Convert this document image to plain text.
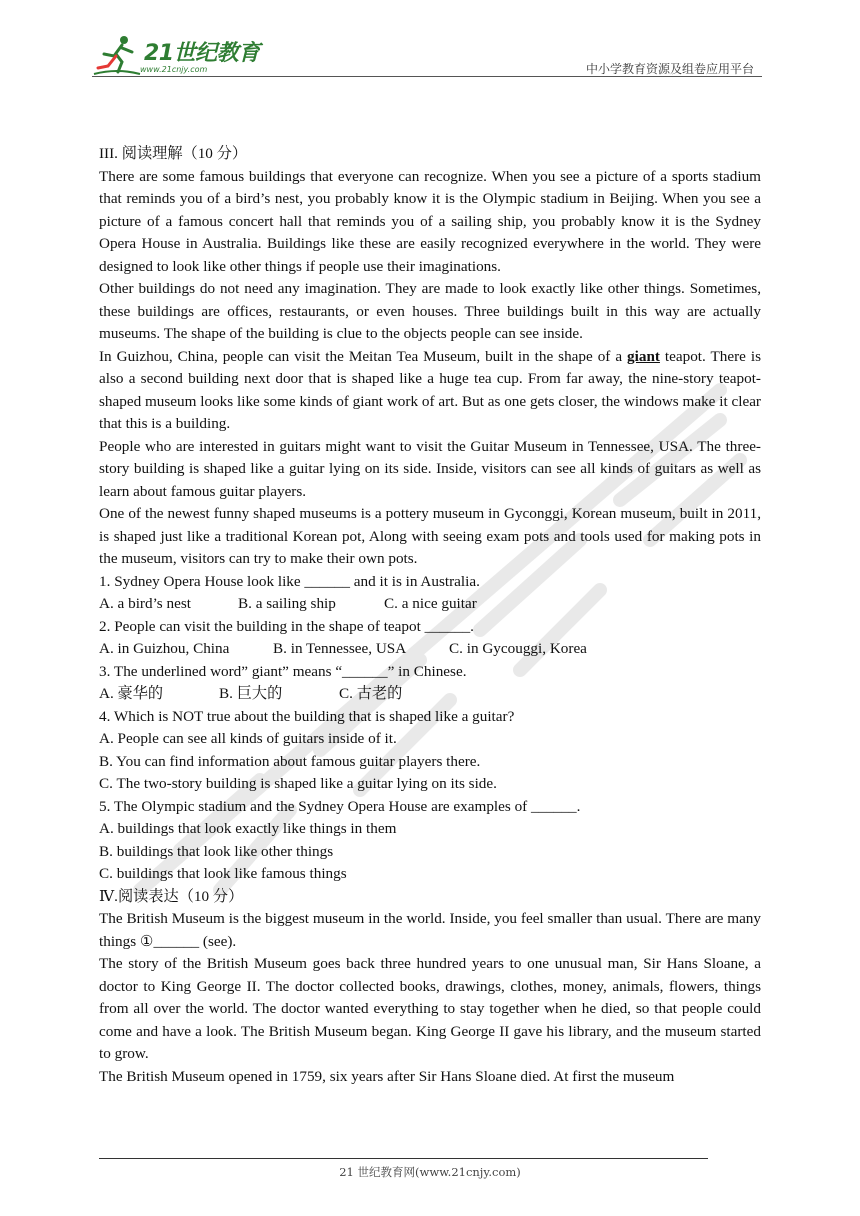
21世纪教育
www.21cnjy.com	中小学教育资源及组卷应用平台

III. 阅读理解（10 分）

There are some famous buildings that everyone can recognize. When you see a picture of a sports stadium that reminds you of a bird’s nest, you probably know it is the Olympic stadium in Beijing. When you see a picture of a famous concert hall that reminds you of a sailing ship, you probably know it is the Sydney Opera House in Australia. Buildings like these are easily recognized everywhere in the world. They were designed to look like other things if people use their imaginations.

Other buildings do not need any imagination. They are made to look exactly like other things. Sometimes, these buildings are offices, restaurants, or even houses. Three buildings built in this way are actually museums. The shape of the building is clue to the objects people can see inside.

In Guizhou, China, people can visit the Meitan Tea Museum, built in the shape of a giant teapot. There is also a second building next door that is shaped like a huge tea cup. From far away, the nine-story teapot-shaped museum looks like some kinds of giant work of art. But as one gets closer, the windows make it clear that this is a building.

People who are interested in guitars might want to visit the Guitar Museum in Tennessee, USA. The three-story building is shaped like a guitar lying on its side. Inside, visitors can see all kinds of guitars as well as learn about famous guitar players.

One of the newest funny shaped museums is a pottery museum in Gyconggi, Korean museum, built in 2011, is shaped just like a traditional Korean pot, Along with seeing exam pots and tools used for making pots in the museum, visitors can try to make their own pots.

1. Sydney Opera House look like ______ and it is in Australia.

A. a bird’s nest	B. a sailing ship	C. a nice guitar

2. People can visit the building in the shape of teapot ______.

A. in Guizhou, China	B. in Tennessee, USA	C. in Gycouggi, Korea

3. The underlined word” giant” means “______” in Chinese.

A. 豪华的	B. 巨大的	C. 古老的

4. Which is NOT true about the building that is shaped like a guitar?

A. People can see all kinds of guitars inside of it.

B. You can find information about famous guitar players there.

C. The two-story building is shaped like a guitar lying on its side.

5. The Olympic stadium and the Sydney Opera House are examples of ______.

A. buildings that look exactly like things in them

B. buildings that look like other things

C. buildings that look like famous things

Ⅳ.阅读表达（10 分）

The British Museum is the biggest museum in the world. Inside, you feel smaller than usual. There are many things ①______ (see).

The story of the British Museum goes back three hundred years to one unusual man, Sir Hans Sloane, a doctor to King George II. The doctor collected books, drawings, clothes, money, animals, flowers, things from all over the world. The doctor wanted everything to stay together when he died, so that people could come and have a look. The British Museum began. King George II gave his library, and the museum started to grow.

The British Museum opened in 1759, six years after Sir Hans Sloane died. At first the museum

21 世纪教育网(www.21cnjy.com)
